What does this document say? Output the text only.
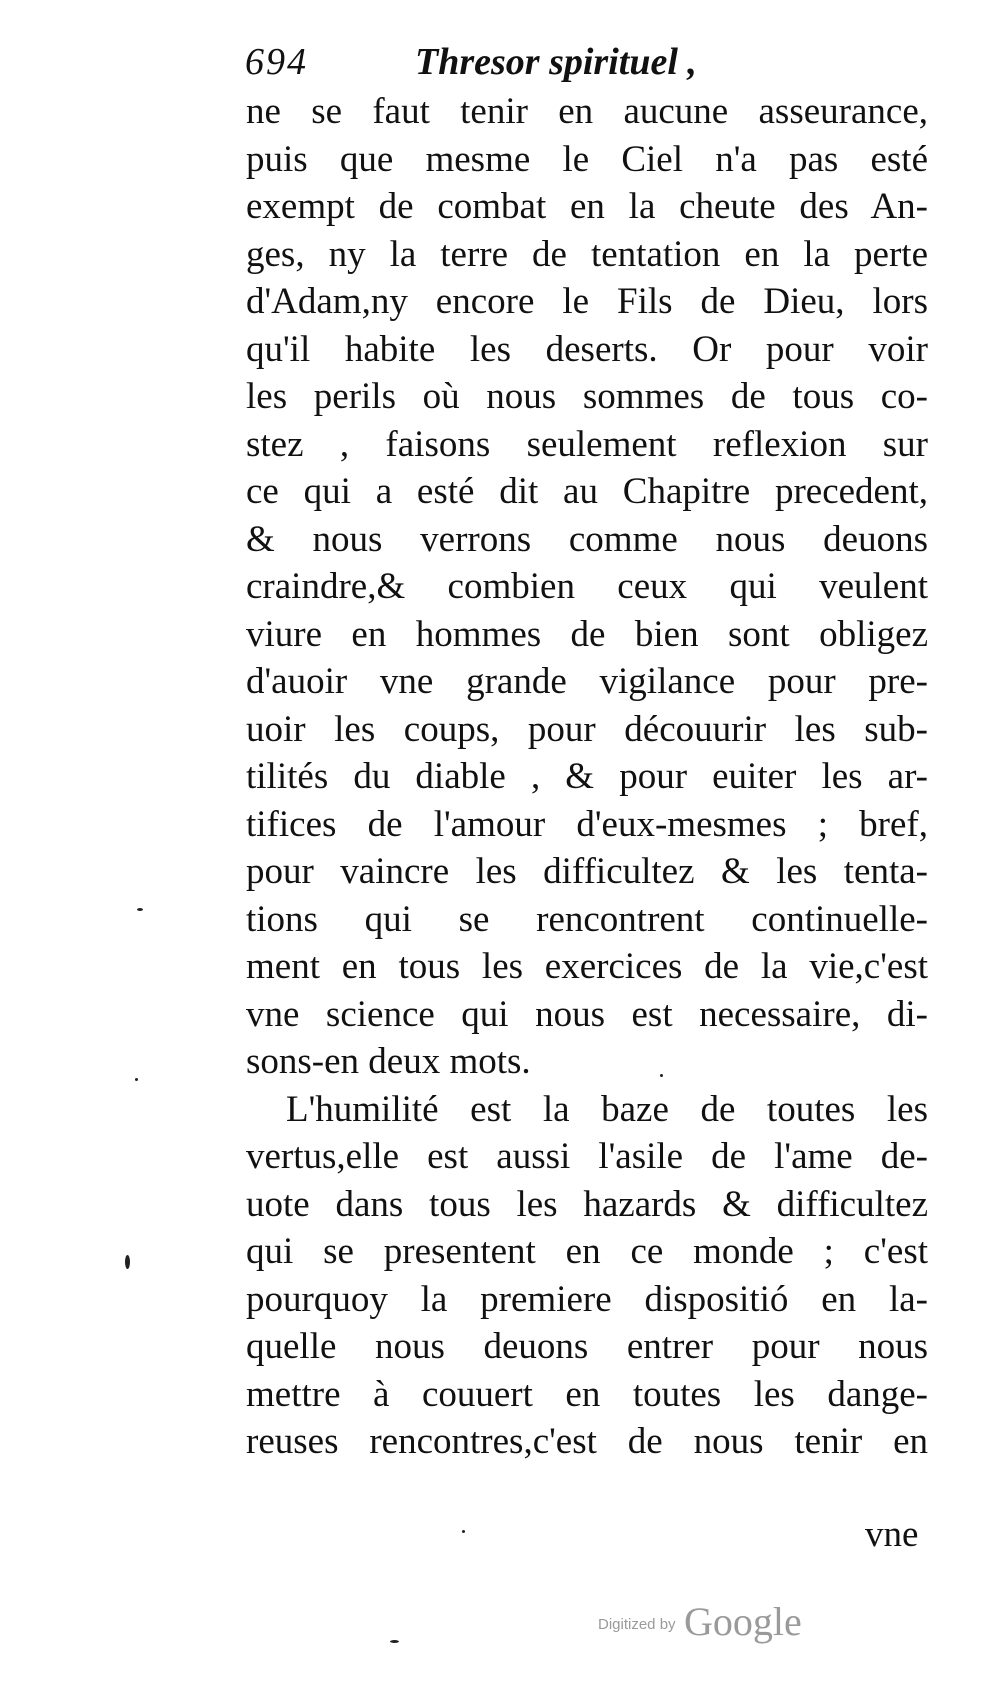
694	Thresor spirituel ,
ne se faut tenir en aucune asseurance,
puis que mesme le Ciel n'a pas esté
exempt de combat en la cheute des An-
ges, ny la terre de tentation en la perte
d'Adam,ny encore le Fils de Dieu, lors
qu'il habite les deserts. Or pour voir
les perils où nous sommes de tous co-
stez , faisons seulement reflexion sur
ce qui a esté dit au Chapitre precedent,
& nous verrons comme nous deuons
craindre,& combien ceux qui veulent
viure en hommes de bien sont obligez
d'auoir vne grande vigilance pour pre-
uoir les coups, pour découurir les sub-
tilités du diable , & pour euiter les ar-
tifices de l'amour d'eux-mesmes ; bref,
pour vaincre les difficultez & les tenta-
tions qui se rencontrent continuelle-
ment en tous les exercices de la vie,c'est
vne science qui nous est necessaire, di-
sons-en deux mots.
L'humilité est la baze de toutes les
vertus,elle est aussi l'asile de l'ame de-
uote dans tous les hazards & difficultez
qui se presentent en ce monde ; c'est
pourquoy la premiere dispositió en la-
quelle nous deuons entrer pour nous
mettre à couuert en toutes les dange-
reuses rencontres,c'est de nous tenir en
vne
Digitized by Google
